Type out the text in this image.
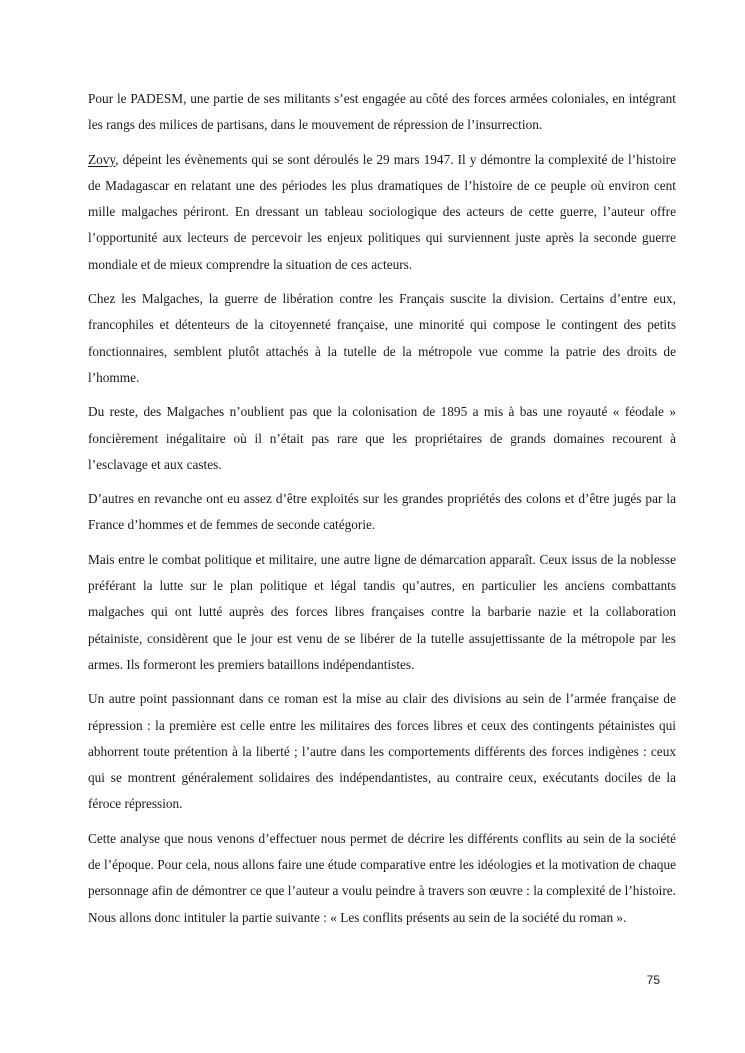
Pour le PADESM, une partie de ses militants s’est engagée au côté des forces armées coloniales, en intégrant les rangs des milices de partisans, dans le mouvement de répression de l’insurrection.

Zovy, dépeint les évènements qui se sont déroulés le 29 mars 1947. Il y démontre la complexité de l’histoire de Madagascar en relatant une des périodes les plus dramatiques de l’histoire de ce peuple où environ cent mille malgaches périront. En dressant un tableau sociologique des acteurs de cette guerre, l’auteur offre l’opportunité aux lecteurs de percevoir les enjeux politiques qui surviennent juste après la seconde guerre mondiale et de mieux comprendre la situation de ces acteurs.

Chez les Malgaches, la guerre de libération contre les Français suscite la division. Certains d’entre eux, francophiles et détenteurs de la citoyenneté française, une minorité qui compose le contingent des petits fonctionnaires, semblent plutôt attachés à la tutelle de la métropole vue comme la patrie des droits de l’homme.

Du reste, des Malgaches n’oublient pas que la colonisation de 1895 a mis à bas une royauté « féodale » foncièrement inégalitaire où il n’était pas rare que les propriétaires de grands domaines recourent à l’esclavage et aux castes.

D’autres en revanche ont eu assez d’être exploités sur les grandes propriétés des colons et d’être jugés par la France d’hommes et de femmes de seconde catégorie.

Mais entre le combat politique et militaire, une autre ligne de démarcation apparaît. Ceux issus de la noblesse préférant la lutte sur le plan politique et légal tandis qu’autres, en particulier les anciens combattants malgaches qui ont lutté auprès des forces libres françaises contre la barbarie nazie et la collaboration pétainiste, considèrent que le jour est venu de se libérer de la tutelle assujettissante de la métropole par les armes. Ils formeront les premiers bataillons indépendantistes.

Un autre point passionnant dans ce roman est la mise au clair des divisions au sein de l’armée française de répression : la première est celle entre les militaires des forces libres et ceux des contingents pétainistes qui abhorrent toute prétention à la liberté ; l’autre dans les comportements différents des forces indigènes : ceux qui se montrent généralement solidaires des indépendantistes, au contraire ceux, exécutants dociles de la féroce répression.

Cette analyse que nous venons d’effectuer nous permet de décrire les différents conflits au sein de la société de l’époque. Pour cela, nous allons faire une étude comparative entre les idéologies et la motivation de chaque personnage afin de démontrer ce que l’auteur a voulu peindre à travers son œuvre : la complexité de l’histoire. Nous allons donc intituler la partie suivante : « Les conflits présents au sein de la société du roman ».

75
